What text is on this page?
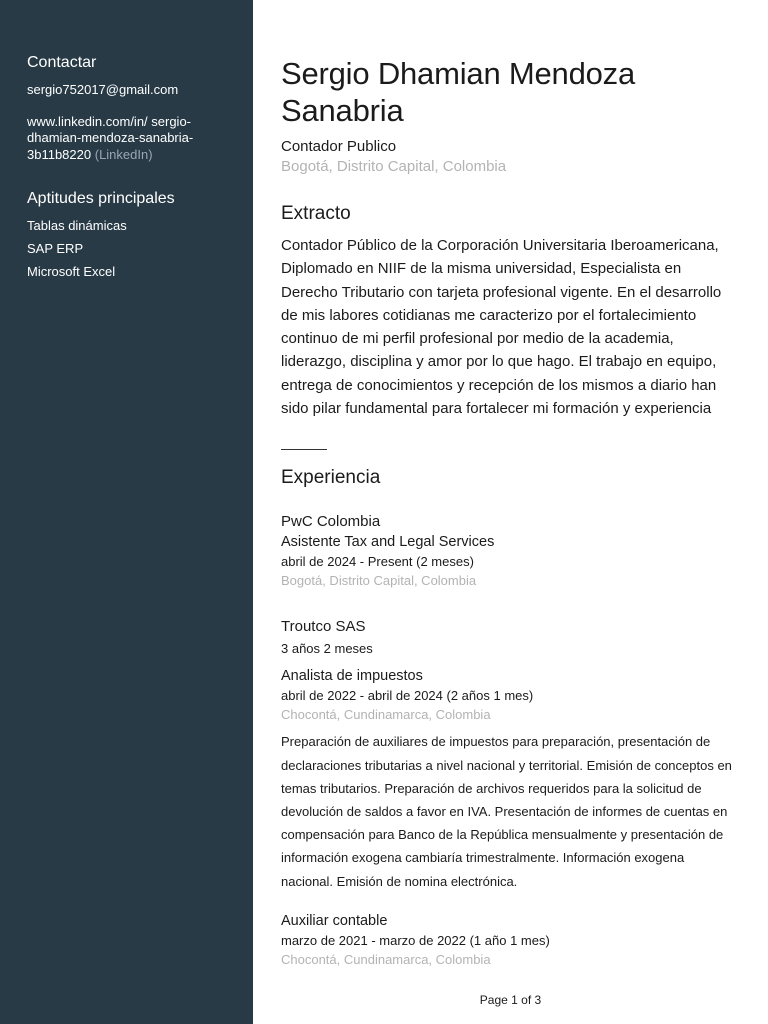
Contactar

sergio752017@gmail.com

www.linkedin.com/in/ sergio-dhamian-mendoza-sanabria-3b11b8220 (LinkedIn)

Aptitudes principales

Tablas dinámicas

SAP ERP

Microsoft Excel

Sergio Dhamian Mendoza Sanabria

Contador Publico

Bogotá, Distrito Capital, Colombia

Extracto

Contador Público de la Corporación Universitaria Iberoamericana, Diplomado en NIIF de la misma universidad, Especialista en Derecho Tributario con tarjeta profesional vigente. En el desarrollo de mis labores cotidianas me caracterizo por el fortalecimiento continuo de mi perfil profesional por medio de la academia, liderazgo, disciplina y amor por lo que hago. El trabajo en equipo, entrega de conocimientos y recepción de los mismos a diario han sido pilar fundamental para fortalecer mi formación y experiencia

Experiencia

PwC Colombia

Asistente Tax and Legal Services

abril de 2024 - Present (2 meses)

Bogotá, Distrito Capital, Colombia

Troutco SAS

3 años 2 meses

Analista de impuestos

abril de 2022 - abril de 2024 (2 años 1 mes)

Chocontá, Cundinamarca, Colombia

Preparación de auxiliares de impuestos para preparación, presentación de declaraciones tributarias a nivel nacional y territorial. Emisión de conceptos en temas tributarios. Preparación de archivos requeridos para la solicitud de devolución de saldos a favor en IVA. Presentación de informes de cuentas en compensación para Banco de la República mensualmente y presentación de información exogena cambiaría trimestralmente. Información exogena nacional. Emisión de nomina electrónica.

Auxiliar contable

marzo de 2021 - marzo de 2022 (1 año 1 mes)

Chocontá, Cundinamarca, Colombia

Page 1 of 3
